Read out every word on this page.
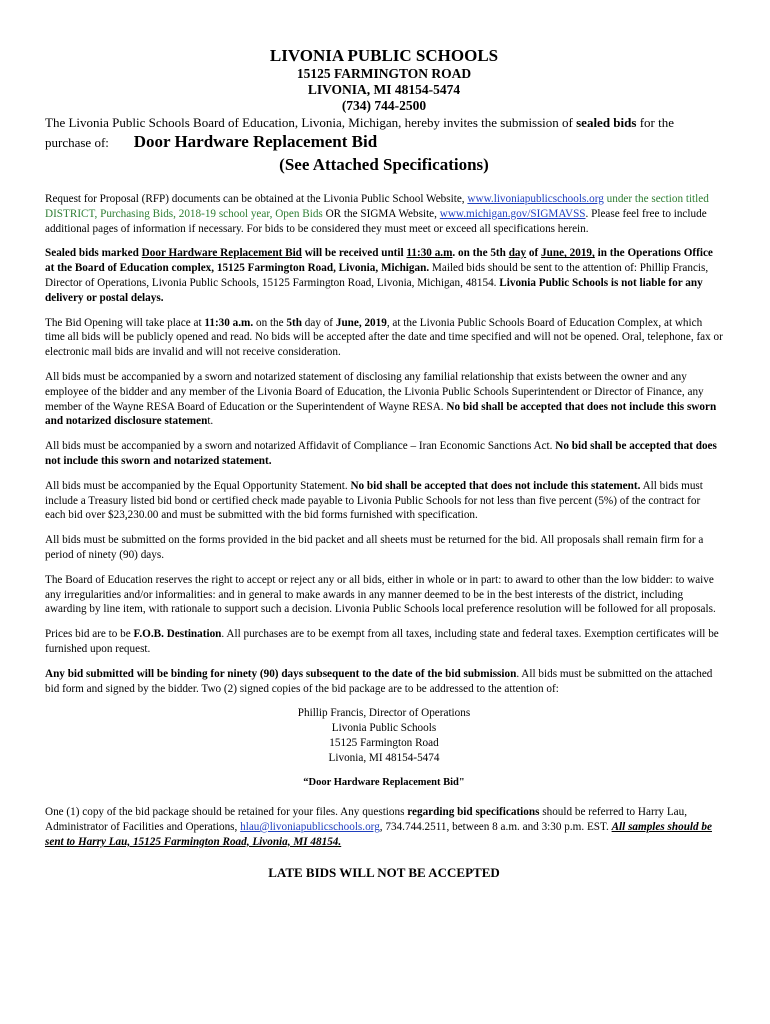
LIVONIA PUBLIC SCHOOLS
15125 FARMINGTON ROAD
LIVONIA, MI 48154-5474
(734) 744-2500
The Livonia Public Schools Board of Education, Livonia, Michigan, hereby invites the submission of sealed bids for the
purchase of: Door Hardware Replacement Bid
(See Attached Specifications)

Request for Proposal (RFP) documents can be obtained at the Livonia Public School Website, www.livoniapublicschools.org under the section titled DISTRICT, Purchasing Bids, 2018-19 school year, Open Bids OR the SIGMA Website, www.michigan.gov/SIGMAVSS. Please feel free to include additional pages of information if necessary. For bids to be considered they must meet or exceed all specifications herein.

Sealed bids marked Door Hardware Replacement Bid will be received until 11:30 a.m. on the 5th day of June, 2019, in the Operations Office at the Board of Education complex, 15125 Farmington Road, Livonia, Michigan. Mailed bids should be sent to the attention of: Phillip Francis, Director of Operations, Livonia Public Schools, 15125 Farmington Road, Livonia, Michigan, 48154. Livonia Public Schools is not liable for any delivery or postal delays.

The Bid Opening will take place at 11:30 a.m. on the 5th day of June, 2019, at the Livonia Public Schools Board of Education Complex, at which time all bids will be publicly opened and read. No bids will be accepted after the date and time specified and will not be opened. Oral, telephone, fax or electronic mail bids are invalid and will not receive consideration.

All bids must be accompanied by a sworn and notarized statement of disclosing any familial relationship that exists between the owner and any employee of the bidder and any member of the Livonia Board of Education, the Livonia Public Schools Superintendent or Director of Finance, any member of the Wayne RESA Board of Education or the Superintendent of Wayne RESA. No bid shall be accepted that does not include this sworn and notarized disclosure statement.

All bids must be accompanied by a sworn and notarized Affidavit of Compliance – Iran Economic Sanctions Act. No bid shall be accepted that does not include this sworn and notarized statement.

All bids must be accompanied by the Equal Opportunity Statement. No bid shall be accepted that does not include this statement. All bids must include a Treasury listed bid bond or certified check made payable to Livonia Public Schools for not less than five percent (5%) of the contract for each bid over $23,230.00 and must be submitted with the bid forms furnished with specification.

All bids must be submitted on the forms provided in the bid packet and all sheets must be returned for the bid. All proposals shall remain firm for a period of ninety (90) days.

The Board of Education reserves the right to accept or reject any or all bids, either in whole or in part: to award to other than the low bidder: to waive any irregularities and/or informalities: and in general to make awards in any manner deemed to be in the best interests of the district, including awarding by line item, with rationale to support such a decision. Livonia Public Schools local preference resolution will be followed for all proposals.

Prices bid are to be F.O.B. Destination. All purchases are to be exempt from all taxes, including state and federal taxes. Exemption certificates will be furnished upon request.

Any bid submitted will be binding for ninety (90) days subsequent to the date of the bid submission. All bids must be submitted on the attached bid form and signed by the bidder. Two (2) signed copies of the bid package are to be addressed to the attention of:

Phillip Francis, Director of Operations
Livonia Public Schools
15125 Farmington Road
Livonia, MI 48154-5474
“Door Hardware Replacement Bid"

One (1) copy of the bid package should be retained for your files. Any questions regarding bid specifications should be referred to Harry Lau, Administrator of Facilities and Operations, hlau@livoniapublicschools.org, 734.744.2511, between 8 a.m. and 3:30 p.m. EST. All samples should be sent to Harry Lau, 15125 Farmington Road, Livonia, MI 48154.

LATE BIDS WILL NOT BE ACCEPTED
